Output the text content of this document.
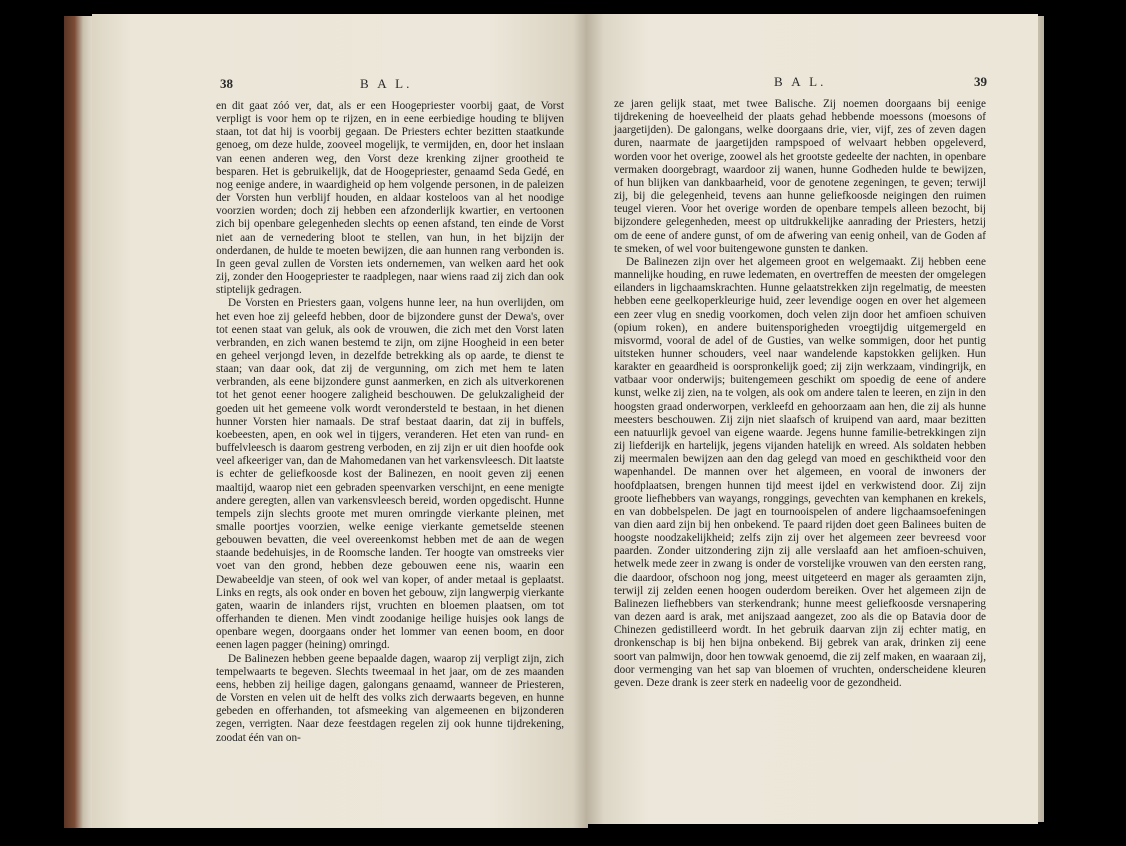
38	B A L.

en dit gaat zóó ver, dat, als er een Hoogepriester voorbij gaat, de Vorst verpligt is voor hem op te rijzen, en in eene eerbiedige houding te blijven staan, tot dat hij is voorbij gegaan. De Priesters echter bezitten staatkunde genoeg, om deze hulde, zooveel mogelijk, te vermijden, en, door het inslaan van eenen anderen weg, den Vorst deze krenking zijner grootheid te besparen. Het is gebruikelijk, dat de Hoogepriester, genaamd Seda Gedé, en nog eenige andere, in waardigheid op hem volgende personen, in de paleizen der Vorsten hun verblijf houden, en aldaar kosteloos van al het noodige voorzien worden; doch zij hebben een afzonderlijk kwartier, en vertoonen zich bij openbare gelegenheden slechts op eenen afstand, ten einde de Vorst niet aan de vernedering bloot te stellen, van hun, in het bijzijn der onderdanen, de hulde te moeten bewijzen, die aan hunnen rang verbonden is. In geen geval zullen de Vorsten iets ondernemen, van welken aard het ook zij, zonder den Hoogepriester te raadplegen, naar wiens raad zij zich dan ook stiptelijk gedragen.

De Vorsten en Priesters gaan, volgens hunne leer, na hun overlijden, om het even hoe zij geleefd hebben, door de bijzondere gunst der Dewa's, over tot eenen staat van geluk, als ook de vrouwen, die zich met den Vorst laten verbranden, en zich wanen bestemd te zijn, om zijne Hoogheid in een beter en geheel verjongd leven, in dezelfde betrekking als op aarde, te dienst te staan; van daar ook, dat zij de vergunning, om zich met hem te laten verbranden, als eene bijzondere gunst aanmerken, en zich als uitverkorenen tot het genot eener hoogere zaligheid beschouwen. De gelukzaligheid der goeden uit het gemeene volk wordt verondersteld te bestaan, in het dienen hunner Vorsten hier namaals. De straf bestaat daarin, dat zij in buffels, koebeesten, apen, en ook wel in tijgers, veranderen. Het eten van rund- en buffelvleesch is daarom gestreng verboden, en zij zijn er uit dien hoofde ook veel afkeeriger van, dan de Mahomedanen van het varkensvleesch. Dit laatste is echter de geliefkoosde kost der Balinezen, en nooit geven zij eenen maaltijd, waarop niet een gebraden speenvarken verschijnt, en eene menigte andere geregten, allen van varkensvleesch bereid, worden opgedischt. Hunne tempels zijn slechts groote met muren omringde vierkante pleinen, met smalle poortjes voorzien, welke eenige vierkante gemetselde steenen gebouwen bevatten, die veel overeenkomst hebben met de aan de wegen staande bedehuisjes, in de Roomsche landen. Ter hoogte van omstreeks vier voet van den grond, hebben deze gebouwen eene nis, waarin een Dewabeeldje van steen, of ook wel van koper, of ander metaal is geplaatst. Links en regts, als ook onder en boven het gebouw, zijn langwerpig vierkante gaten, waarin de inlanders rijst, vruchten en bloemen plaatsen, om tot offerhanden te dienen. Men vindt zoodanige heilige huisjes ook langs de openbare wegen, doorgaans onder het lommer van eenen boom, en door eenen lagen pagger (heining) omringd.

De Balinezen hebben geene bepaalde dagen, waarop zij verpligt zijn, zich tempelwaarts te begeven. Slechts tweemaal in het jaar, om de zes maanden eens, hebben zij heilige dagen, galongans genaamd, wanneer de Priesteren, de Vorsten en velen uit de helft des volks zich derwaarts begeven, en hunne gebeden en offerhanden, tot afsmeeking van algemeenen en bijzonderen zegen, verrigten. Naar deze feestdagen regelen zij ook hunne tijdrekening, zoodat één van on-

B A L.	39

ze jaren gelijk staat, met twee Balische. Zij noemen doorgaans bij eenige tijdrekening de hoeveelheid der plaats gehad hebbende moessons (moesons of jaargetijden). De galongans, welke doorgaans drie, vier, vijf, zes of zeven dagen duren, naarmate de jaargetijden rampspoed of welvaart hebben opgeleverd, worden voor het overige, zoowel als het grootste gedeelte der nachten, in openbare vermaken doorgebragt, waardoor zij wanen, hunne Godheden hulde te bewijzen, of hun blijken van dankbaarheid, voor de genotene zegeningen, te geven; terwijl zij, bij die gelegenheid, tevens aan hunne geliefkoosde neigingen den ruimen teugel vieren. Voor het overige worden de openbare tempels alleen bezocht, bij bijzondere gelegenheden, meest op uitdrukkelijke aanrading der Priesters, hetzij om de eene of andere gunst, of om de afwering van eenig onheil, van de Goden af te smeken, of wel voor buitengewone gunsten te danken.

De Balinezen zijn over het algemeen groot en welgemaakt. Zij hebben eene mannelijke houding, en ruwe ledematen, en overtreffen de meesten der omgelegen eilanders in ligchaamskrachten. Hunne gelaatstrekken zijn regelmatig, de meesten hebben eene geelkoperkleurige huid, zeer levendige oogen en over het algemeen een zeer vlug en snedig voorkomen, doch velen zijn door het amfioen schuiven (opium roken), en andere buitensporigheden vroegtijdig uitgemergeld en misvormd, vooral de adel of de Gusties, van welke sommigen, door het puntig uitsteken hunner schouders, veel naar wandelende kapstokken gelijken. Hun karakter en geaardheid is oorspronkelijk goed; zij zijn werkzaam, vindingrijk, en vatbaar voor onderwijs; buitengemeen geschikt om spoedig de eene of andere kunst, welke zij zien, na te volgen, als ook om andere talen te leeren, en zijn in den hoogsten graad onderworpen, verkleefd en gehoorzaam aan hen, die zij als hunne meesters beschouwen. Zij zijn niet slaafsch of kruipend van aard, maar bezitten een natuurlijk gevoel van eigene waarde. Jegens hunne familie-betrekkingen zijn zij liefderijk en hartelijk, jegens vijanden hatelijk en wreed. Als soldaten hebben zij meermalen bewijzen aan den dag gelegd van moed en geschiktheid voor den wapenhandel. De mannen over het algemeen, en vooral de inwoners der hoofdplaatsen, brengen hunnen tijd meest ijdel en verkwistend door. Zij zijn groote liefhebbers van wayangs, ronggings, gevechten van kemphanen en krekels, en van dobbelspelen. De jagt en tournooispelen of andere ligchaamsoefeningen van dien aard zijn bij hen onbekend. Te paard rijden doet geen Balinees buiten de hoogste noodzakelijkheid; zelfs zijn zij over het algemeen zeer bevreesd voor paarden. Zonder uitzondering zijn zij alle verslaafd aan het amfioen-schuiven, hetwelk mede zeer in zwang is onder de vorstelijke vrouwen van den eersten rang, die daardoor, ofschoon nog jong, meest uitgeteerd en mager als geraamten zijn, terwijl zij zelden eenen hoogen ouderdom bereiken. Over het algemeen zijn de Balinezen liefhebbers van sterkendrank; hunne meest geliefkoosde versnapering van dezen aard is arak, met anijszaad aangezet, zoo als die op Batavia door de Chinezen gedistilleerd wordt. In het gebruik daarvan zijn zij echter matig, en dronkenschap is bij hen bijna onbekend. Bij gebrek van arak, drinken zij eene soort van palmwijn, door hen towwak genoemd, die zij zelf maken, en waaraan zij, door vermenging van het sap van bloemen of vruchten, onderscheidene kleuren geven. Deze drank is zeer sterk en nadeelig voor de gezondheid.
